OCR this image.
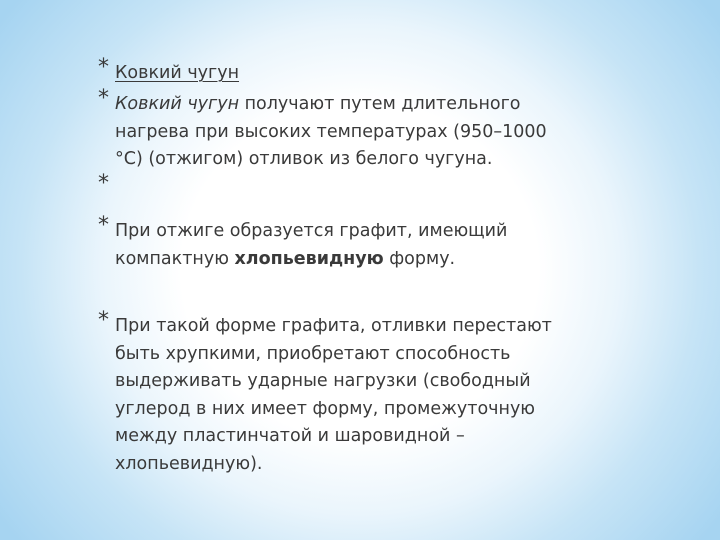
* Ковкий чугун
* Ковкий чугун получают путем длительного нагрева при высоких температурах (950–1000 °С) (отжигом) отливок из белого чугуна.
*
* При отжиге образуется графит, имеющий компактную хлопьевидную форму.
* При такой форме графита, отливки перестают быть хрупкими, приобретают способность выдерживать ударные нагрузки (свободный углерод в них имеет форму, промежуточную между пластинчатой и шаровидной – хлопьевидную).
